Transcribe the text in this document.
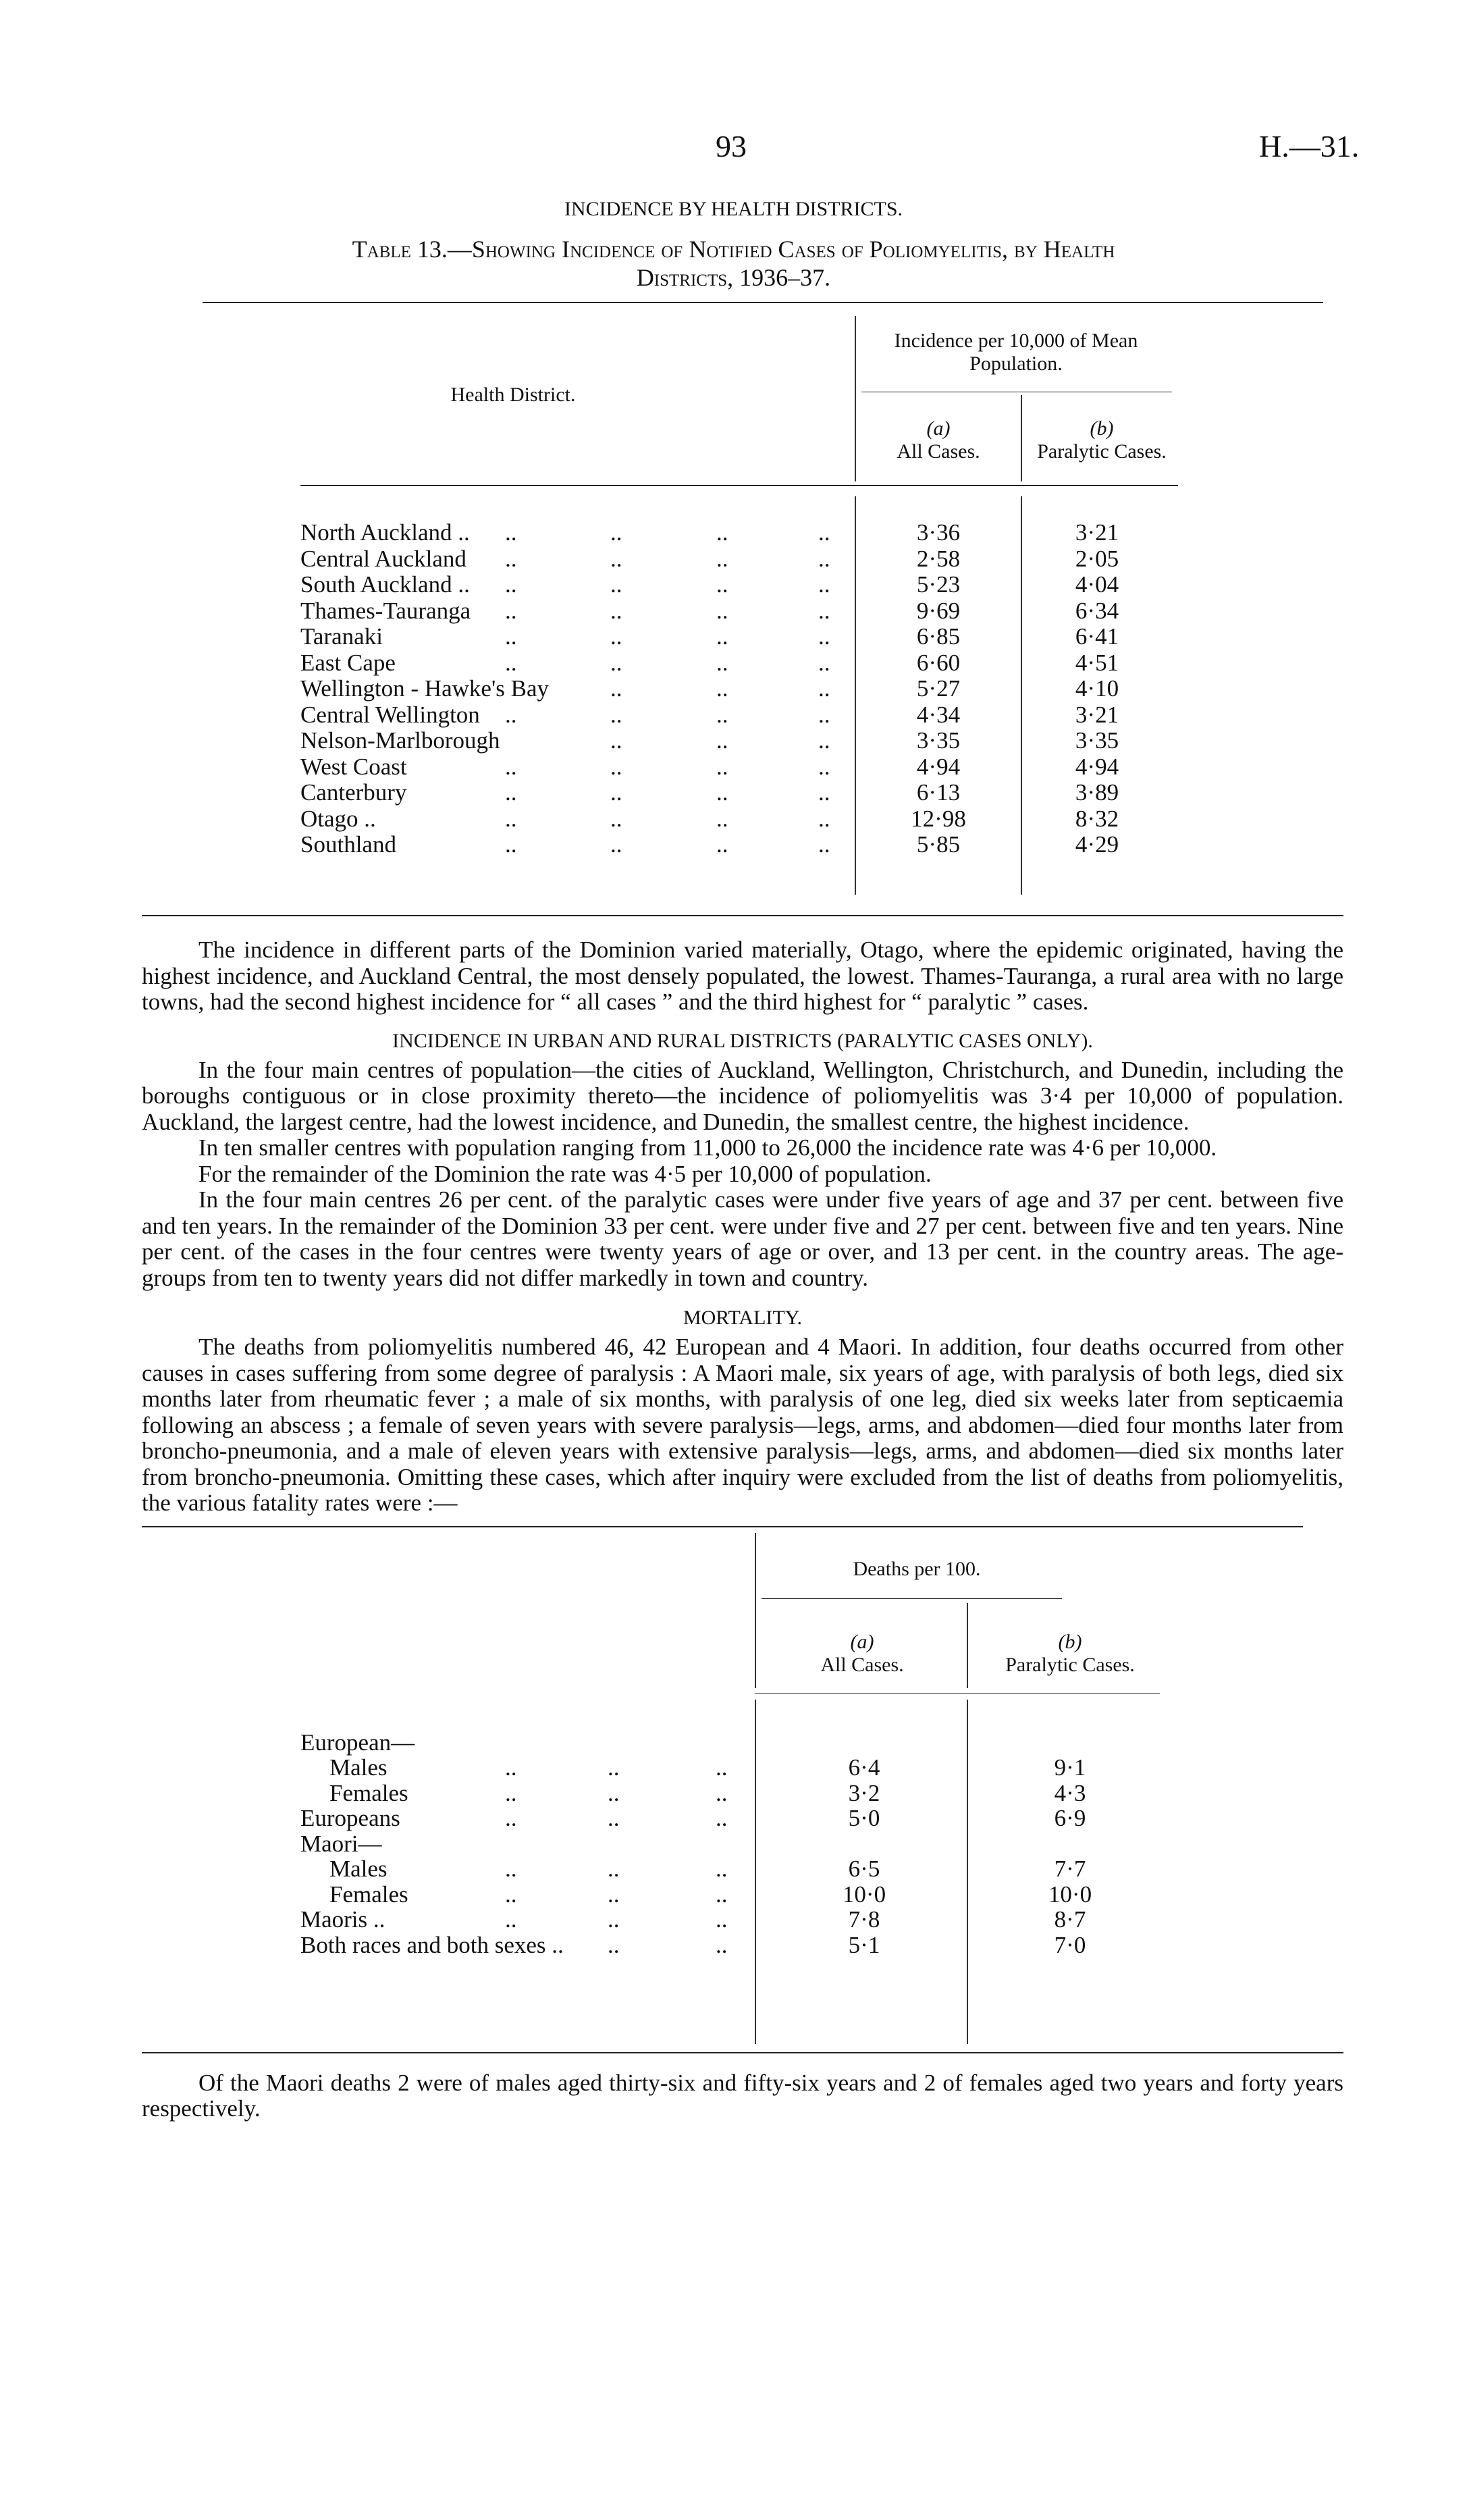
93	H.—31.
INCIDENCE BY HEALTH DISTRICTS.
Table 13.—Showing Incidence of Notified Cases of Poliomyelitis, by Health
Districts, 1936–37.
Health District.
Incidence per 10,000 of Mean
Population.
(a)
All Cases.
(b)
Paralytic Cases.
North Auckland .. ..	..	..	..	3·36	3·21
Central Auckland ..	..	..	..	2·58	2·05
South Auckland .. ..	..	..	..	5·23	4·04
Thames-Tauranga ..	..	..	..	9·69	6·34
Taranaki	..	..	..	..	6·85	6·41
East Cape	..	..	..	..	6·60	4·51
Wellington - Hawke's Bay	..	..	..	5·27	4·10
Central Wellington ..	..	..	..	4·34	3·21
Nelson-Marlborough	..	..	..	3·35	3·35
West Coast	..	..	..	..	4·94	4·94
Canterbury	..	..	..	..	6·13	3·89
Otago ..	..	..	..	..	12·98	8·32
Southland	..	..	..	..	5·85	4·29

The incidence in different parts of the Dominion varied materially, Otago, where the epidemic originated, having the highest incidence, and Auckland Central, the most densely populated, the lowest. Thames-Tauranga, a rural area with no large towns, had the second highest incidence for “ all cases ” and the third highest for “ paralytic ” cases.

INCIDENCE IN URBAN AND RURAL DISTRICTS (PARALYTIC CASES ONLY).

In the four main centres of population—the cities of Auckland, Wellington, Christchurch, and Dunedin, including the boroughs contiguous or in close proximity thereto—the incidence of poliomyelitis was 3·4 per 10,000 of population. Auckland, the largest centre, had the lowest incidence, and Dunedin, the smallest centre, the highest incidence.

In ten smaller centres with population ranging from 11,000 to 26,000 the incidence rate was 4·6 per 10,000.

For the remainder of the Dominion the rate was 4·5 per 10,000 of population.

In the four main centres 26 per cent. of the paralytic cases were under five years of age and 37 per cent. between five and ten years. In the remainder of the Dominion 33 per cent. were under five and 27 per cent. between five and ten years. Nine per cent. of the cases in the four centres were twenty years of age or over, and 13 per cent. in the country areas. The age-groups from ten to twenty years did not differ markedly in town and country.

MORTALITY.

The deaths from poliomyelitis numbered 46, 42 European and 4 Maori. In addition, four deaths occurred from other causes in cases suffering from some degree of paralysis : A Maori male, six years of age, with paralysis of both legs, died six months later from rheumatic fever ; a male of six months, with paralysis of one leg, died six weeks later from septicaemia following an abscess ; a female of seven years with severe paralysis—legs, arms, and abdomen—died four months later from broncho-pneumonia, and a male of eleven years with extensive paralysis—legs, arms, and abdomen—died six months later from broncho-pneumonia. Omitting these cases, which after inquiry were excluded from the list of deaths from poliomyelitis, the various fatality rates were :—

Deaths per 100.
(a)
All Cases.
(b)
Paralytic Cases.
European—
Males	..	..	..	6·4	9·1
Females	..	..	..	3·2	4·3
Europeans	..	..	..	5·0	6·9
Maori—
Males	..	..	..	6·5	7·7
Females	..	..	..	10·0	10·0
Maoris ..	..	..	..	7·8	8·7
Both races and both sexes .. ..	..	5·1	7·0

Of the Maori deaths 2 were of males aged thirty-six and fifty-six years and 2 of females aged two years and forty years respectively.
